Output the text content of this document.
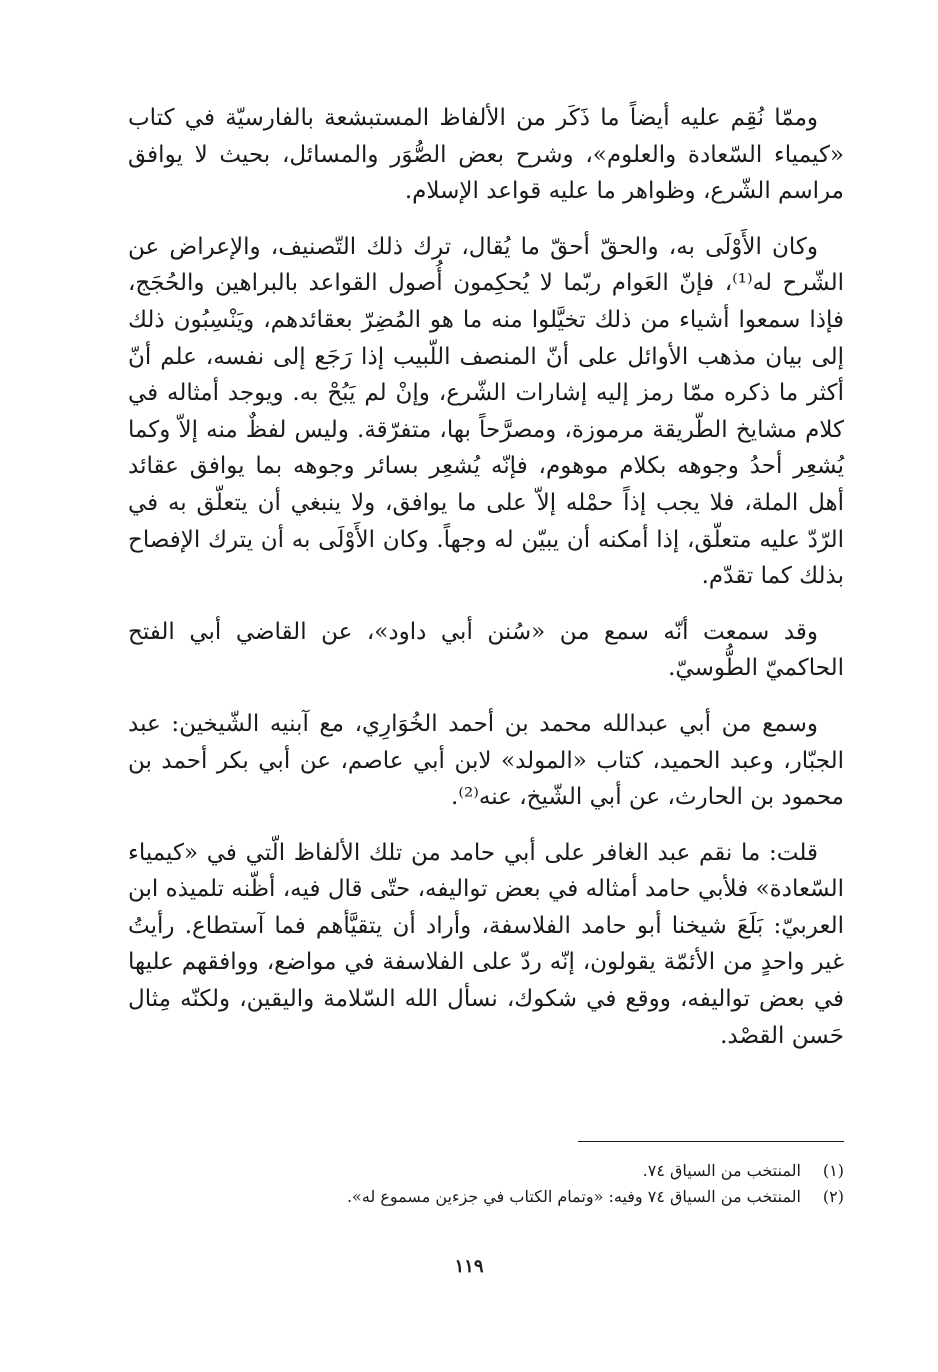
وممّا نُقِم عليه أيضاً ما ذَكَر من الألفاظ المستبشعة بالفارسيّة في كتاب «كيمياء السّعادة والعلوم»، وشرح بعض الصُّوَر والمسائل، بحيث لا يوافق مراسم الشّرع، وظواهر ما عليه قواعد الإسلام.

وكان الأَوْلَى به، والحقّ أحقّ ما يُقال، ترك ذلك التّصنيف، والإعراض عن الشّرح له⁽¹⁾، فإنّ العَوام ربّما لا يُحكِمون أُصول القواعد بالبراهين والحُجَج، فإذا سمعوا أشياء من ذلك تخيَّلوا منه ما هو المُضِرّ بعقائدهم، ويَنْسِبُون ذلك إلى بيان مذهب الأوائل على أنّ المنصف اللّبيب إذا رَجَع إلى نفسه، علم أنّ أكثر ما ذكره ممّا رمز إليه إشارات الشّرع، وإنْ لم يَبُحْ به. ويوجد أمثاله في كلام مشايخ الطّريقة مرموزة، ومصرَّحاً بها، متفرّقة. وليس لفظٌ منه إلاّ وكما يُشعِر أحدُ وجوهه بكلام موهوم، فإنّه يُشعِر بسائر وجوهه بما يوافق عقائد أهل الملة، فلا يجب إذاً حمْله إلاّ على ما يوافق، ولا ينبغي أن يتعلّق به في الرّدّ عليه متعلّق، إذا أمكنه أن يبيّن له وجهاً. وكان الأَوْلَى به أن يترك الإفصاح بذلك كما تقدّم.

وقد سمعت أنّه سمع من «سُنن أبي داود»، عن القاضي أبي الفتح الحاكميّ الطُّوسيّ.

وسمع من أبي عبدالله محمد بن أحمد الخُوَارِي، مع آبنيه الشّيخين: عبد الجبّار، وعبد الحميد، كتاب «المولد» لابن أبي عاصم، عن أبي بكر أحمد بن محمود بن الحارث، عن أبي الشّيخ، عنه⁽²⁾.

قلت: ما نقم عبد الغافر على أبي حامد من تلك الألفاظ الّتي في «كيمياء السّعادة» فلأبي حامد أمثاله في بعض تواليفه، حتّى قال فيه، أظّنه تلميذه ابن العربيّ: بَلَعَ شيخنا أبو حامد الفلاسفة، وأراد أن يتقيَّأهم فما آستطاع. رأيتُ غير واحدٍ من الأئمّة يقولون، إنّه ردّ على الفلاسفة في مواضع، ووافقهم عليها في بعض تواليفه، ووقع في شكوك، نسأل الله السّلامة واليقين، ولكنّه مِثال حَسن القصْد.

(١) المنتخب من السياق ٧٤.
(٢) المنتخب من السياق ٧٤ وفيه: «وتمام الكتاب في جزءين مسموع له».
١١٩
